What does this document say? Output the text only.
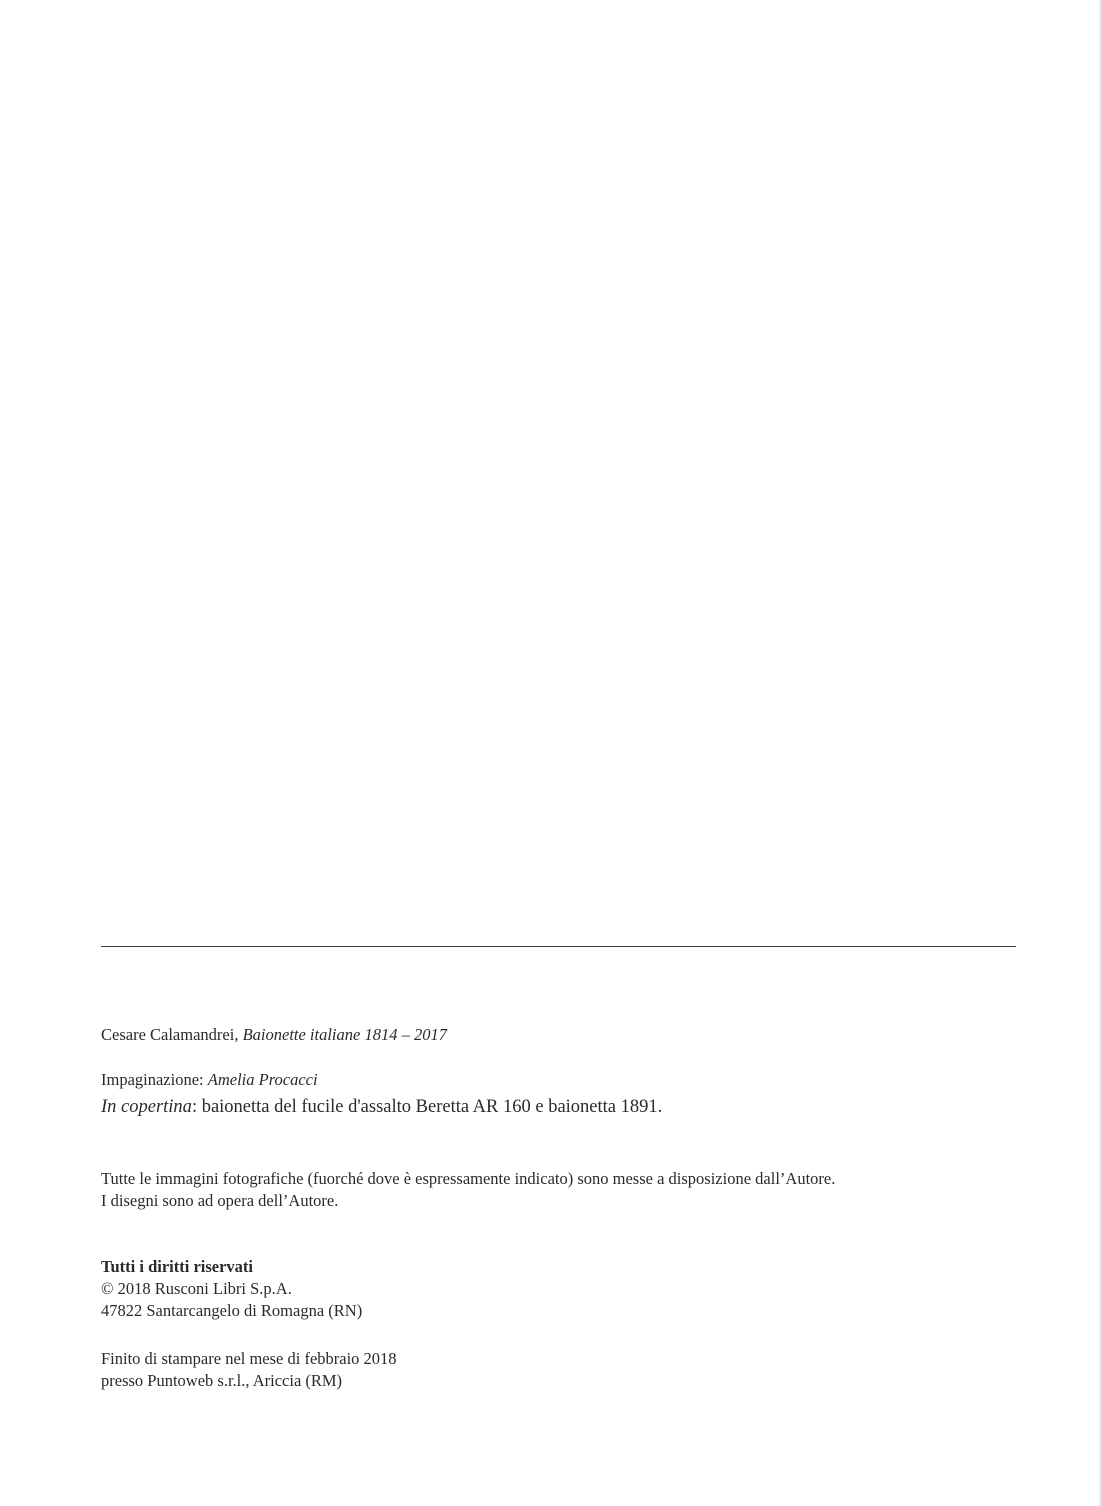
Cesare Calamandrei, Baionette italiane 1814 – 2017
Impaginazione: Amelia Procacci
In copertina: baionetta del fucile d'assalto Beretta AR 160 e baionetta 1891.
Tutte le immagini fotografiche (fuorché dove è espressamente indicato) sono messe a disposizione dall’Autore.
I disegni sono ad opera dell’Autore.
Tutti i diritti riservati
© 2018 Rusconi Libri S.p.A.
47822 Santarcangelo di Romagna (RN)
Finito di stampare nel mese di febbraio 2018
presso Puntoweb s.r.l., Ariccia (RM)
